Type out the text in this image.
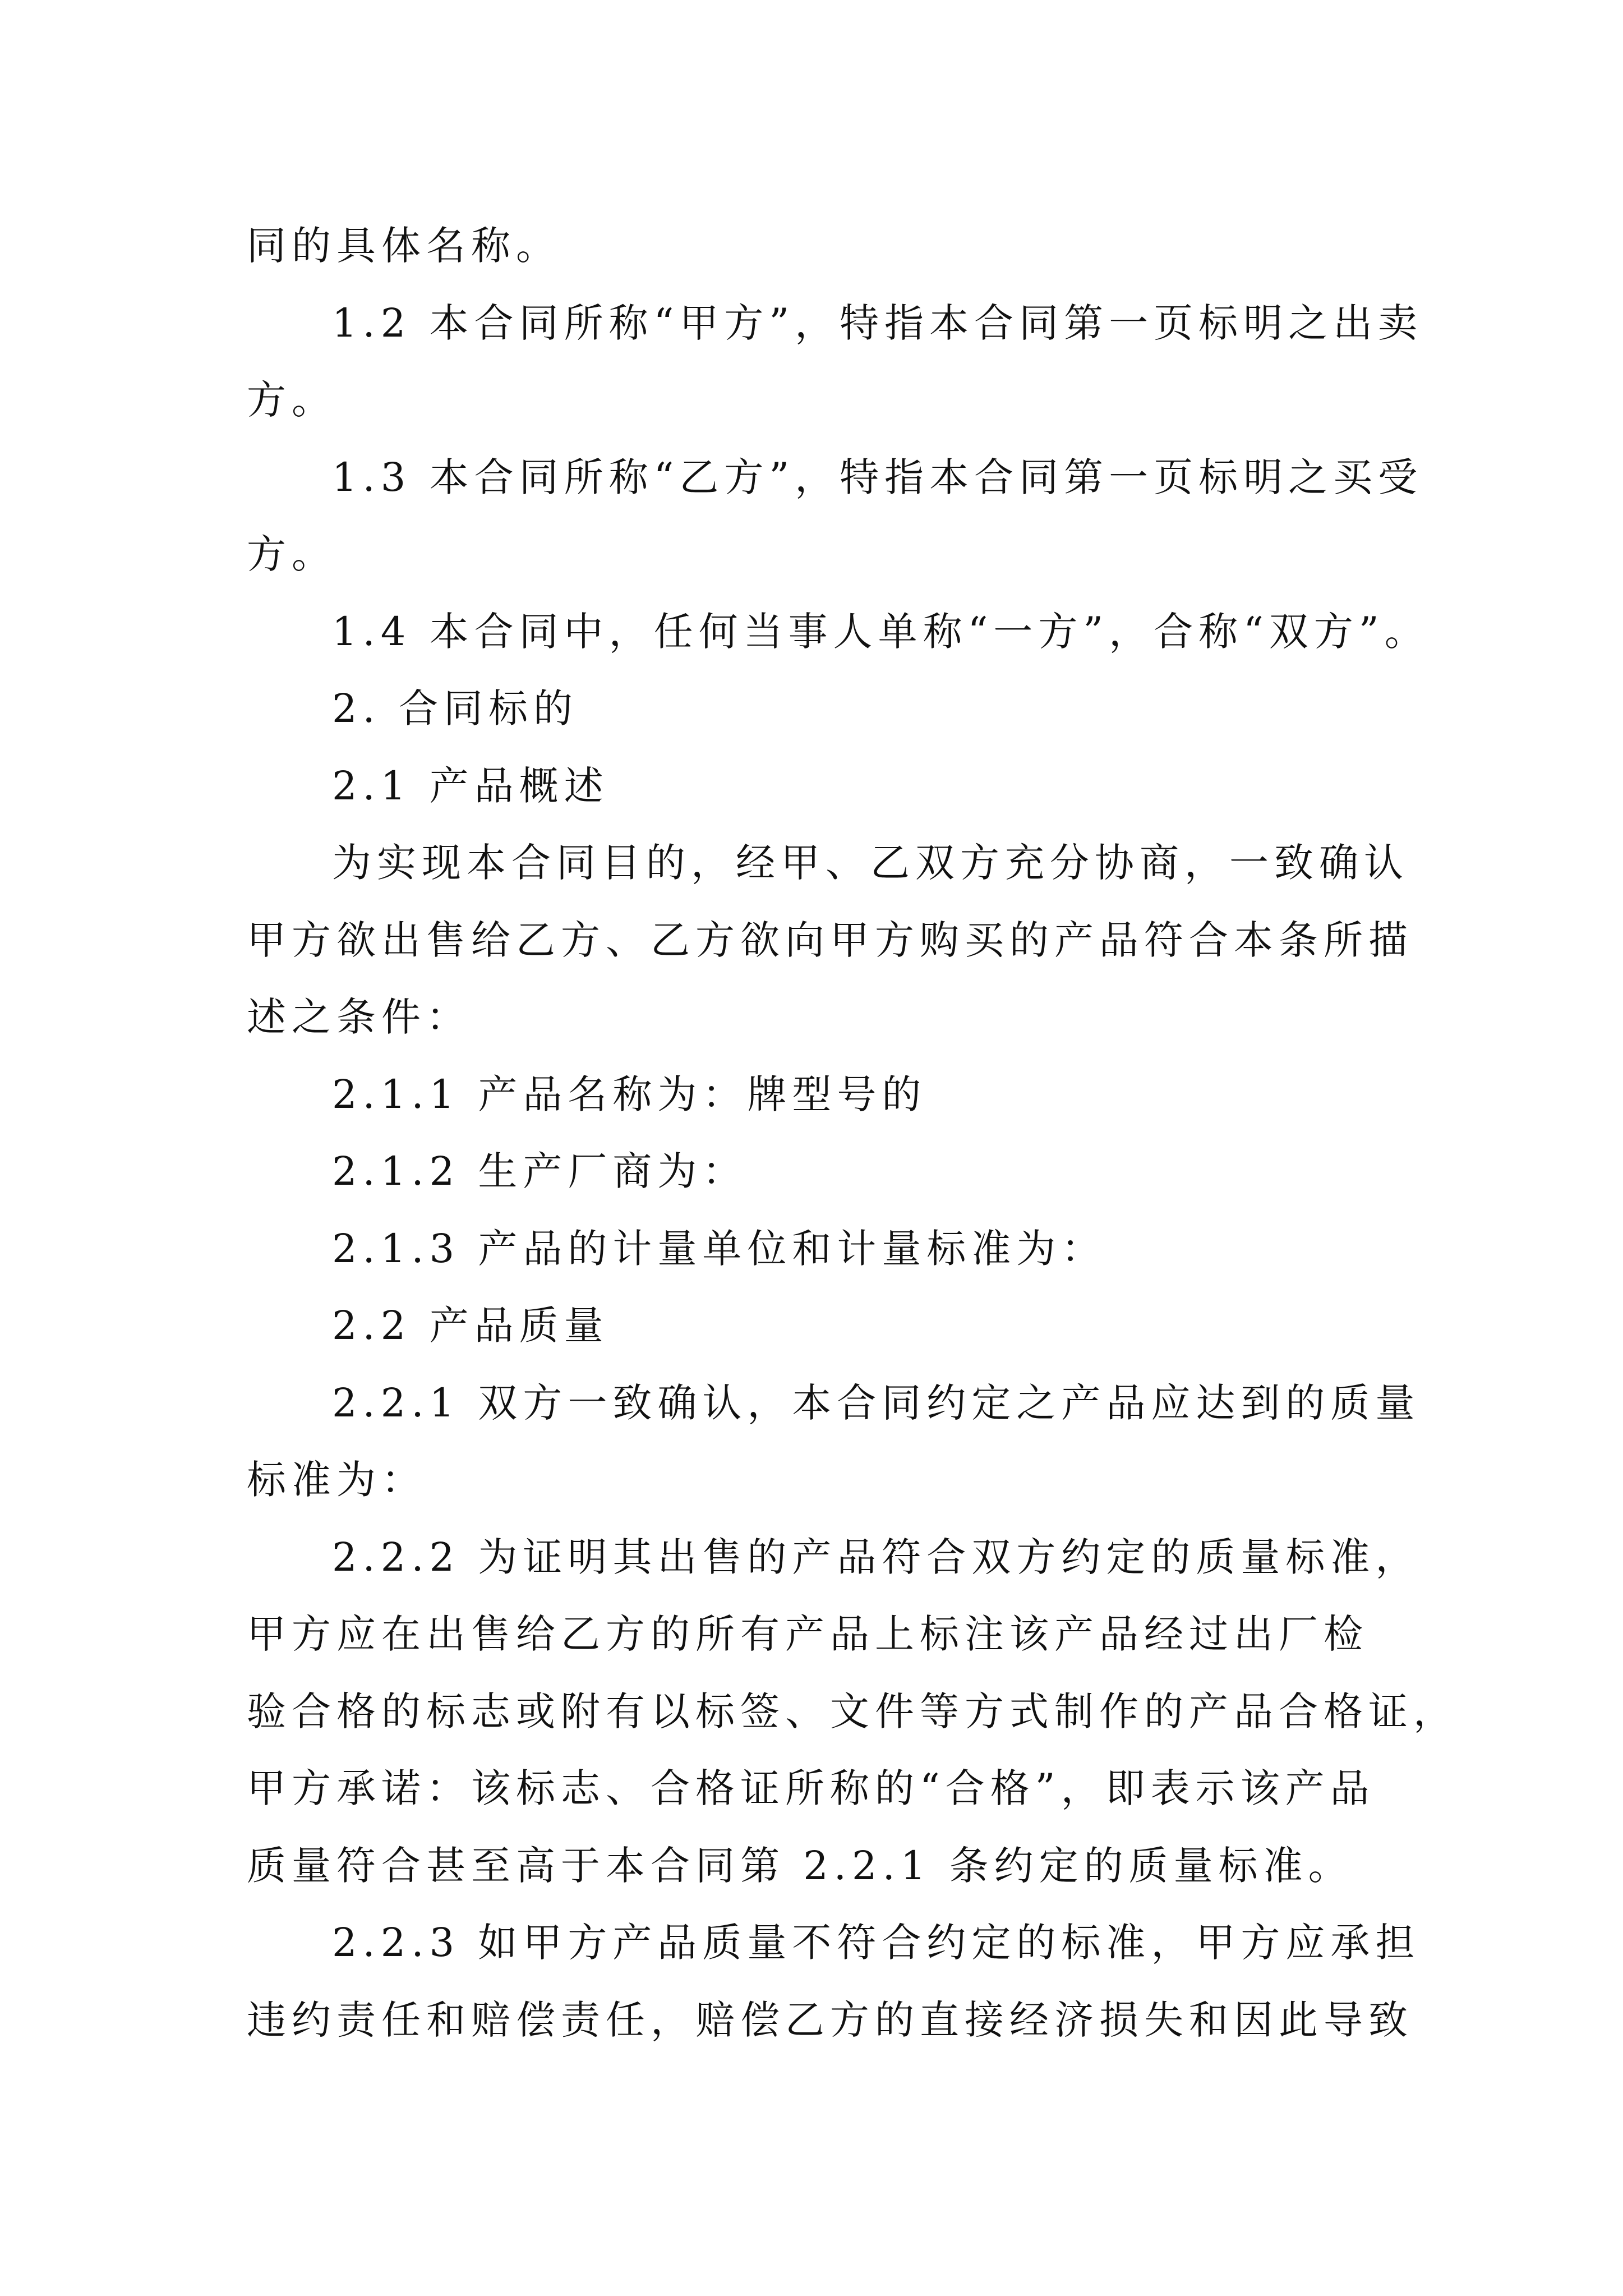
同的具体名称。
1.2 本合同所称“甲方”，特指本合同第一页标明之出卖
方。
1.3 本合同所称“乙方”，特指本合同第一页标明之买受
方。
1.4 本合同中，任何当事人单称“一方”，合称“双方”。
2. 合同标的
2.1 产品概述
为实现本合同目的，经甲、乙双方充分协商，一致确认
甲方欲出售给乙方、乙方欲向甲方购买的产品符合本条所描
述之条件：
2.1.1 产品名称为：牌型号的
2.1.2 生产厂商为：
2.1.3 产品的计量单位和计量标准为：
2.2 产品质量
2.2.1 双方一致确认，本合同约定之产品应达到的质量
标准为：
2.2.2 为证明其出售的产品符合双方约定的质量标准，
甲方应在出售给乙方的所有产品上标注该产品经过出厂检
验合格的标志或附有以标签、文件等方式制作的产品合格证，
甲方承诺：该标志、合格证所称的“合格”，即表示该产品
质量符合甚至高于本合同第 2.2.1 条约定的质量标准。
2.2.3 如甲方产品质量不符合约定的标准，甲方应承担
违约责任和赔偿责任，赔偿乙方的直接经济损失和因此导致
